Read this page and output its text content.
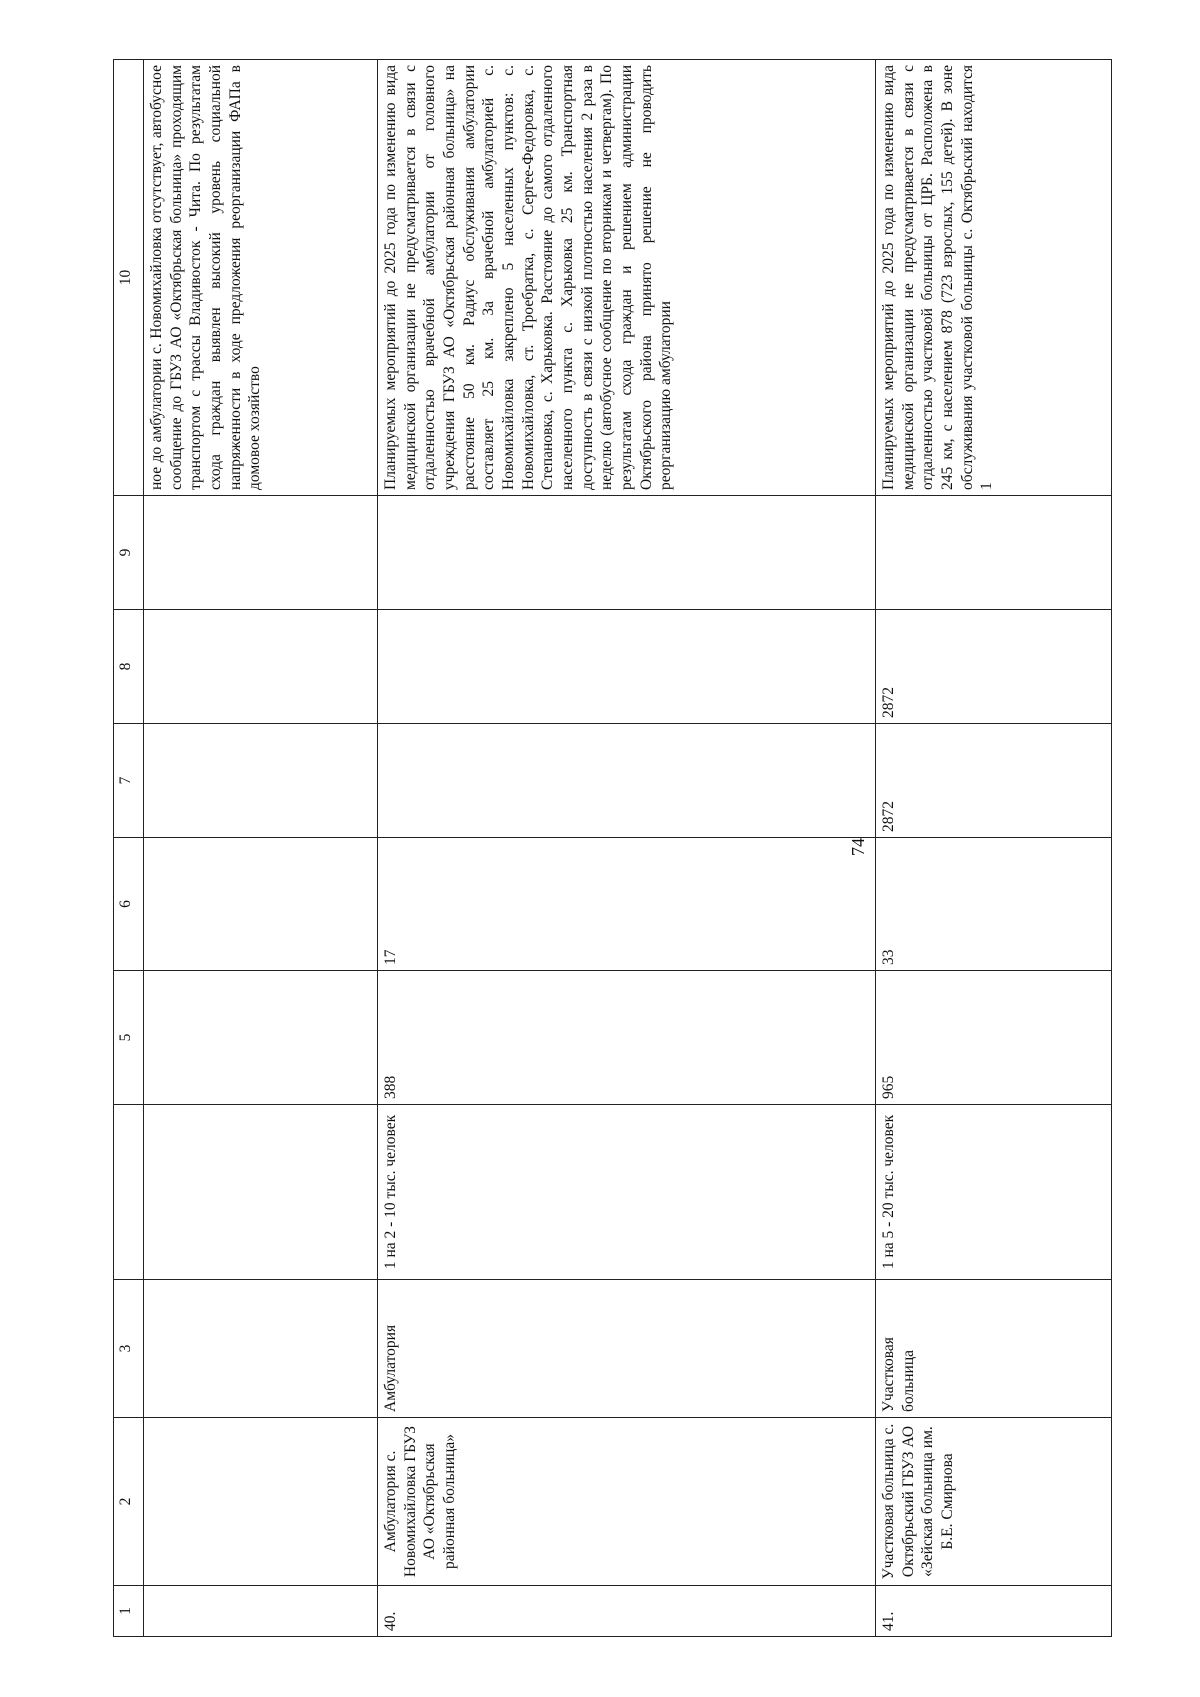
74
1	2	3		5	6	7	8	9	10
									ное до амбулатории с. Новомихайловка отсутствует, автобусное сообщение до ГБУЗ АО «Октябрьская больница» проходящим транспортом с трассы Владивосток - Чита. По результатам схода граждан выявлен высокий уровень социальной напряженности в ходе предложения реорганизации ФАПа в домовое хозяйство
40.	Амбулатория с. Новомихайловка ГБУЗ АО «Октябрьская районная больница»	Амбулатория	1 на 2 - 10 тыс. человек	388	17				Планируемых мероприятий до 2025 года по изменению вида медицинской организации не предусматривается в связи с отдаленностью врачебной амбулатории от головного учреждения ГБУЗ АО «Октябрьская районная больница» на расстояние 50 км. Радиус обслуживания амбулатории составляет 25 км. За врачебной амбулаторией с. Новомихайловка закреплено 5 населенных пунктов: с. Новомихайловка, ст. Троебратка, с. Сергее-Федоровка, с. Степановка, с. Харьковка. Расстояние до самого отдаленного населенного пункта с. Харьковка 25 км. Транспортная доступность в связи с низкой плотностью населения 2 раза в неделю (автобусное сообщение по вторникам и четвергам). По результатам схода граждан и решением администрации Октябрьского района принято решение не проводить реорганизацию амбулатории
41.	Участковая больница с. Октябрьский ГБУЗ АО «Зейская больница им. Б.Е. Смирнова	Участковая больница	1 на 5 - 20 тыс. человек	965	33	2872	2872		Планируемых мероприятий до 2025 года по изменению вида медицинской организации не предусматривается в связи с отдаленностью участковой больницы от ЦРБ. Расположена в 245 км, с населением 878 (723 взрослых, 155 детей). В зоне обслуживания участковой больницы с. Октябрьский находится 1
